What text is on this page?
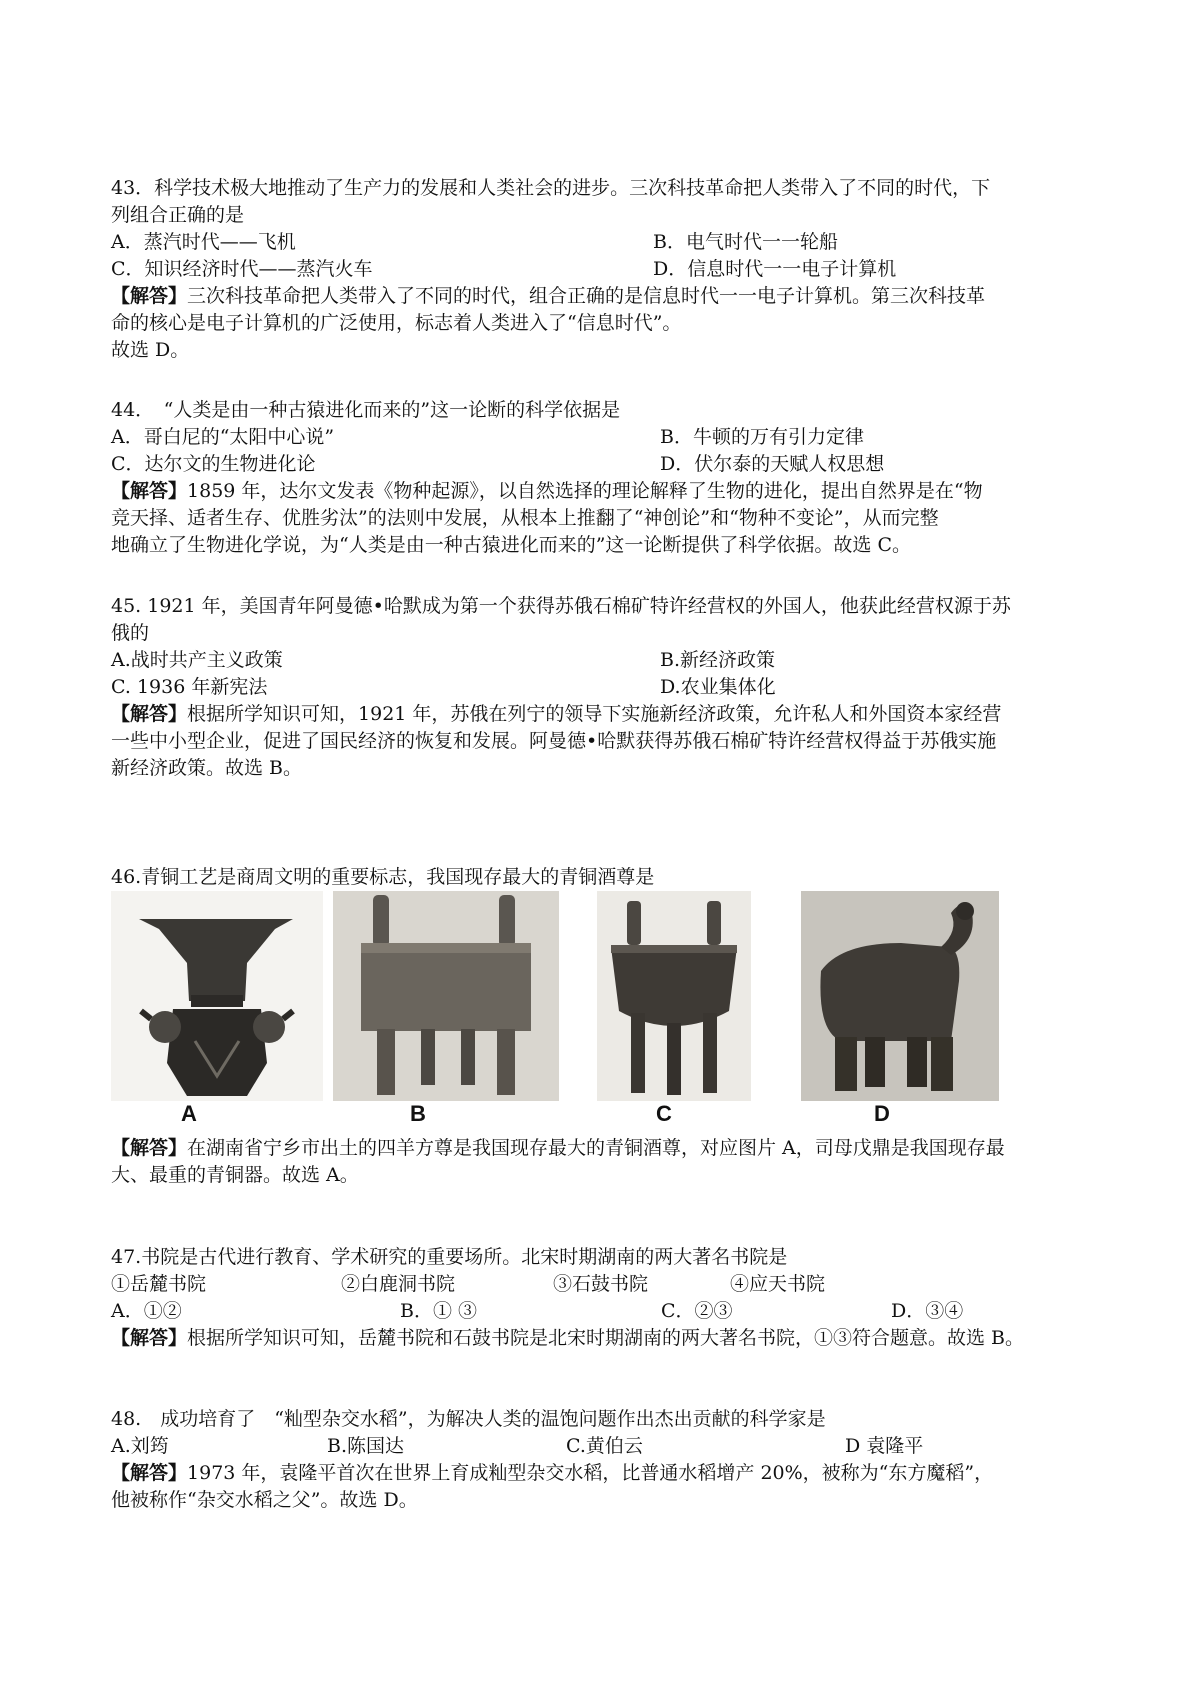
43．科学技术极大地推动了生产力的发展和人类社会的进步。三次科技革命把人类带入了不同的时代，下
列组合正确的是
A．蒸汽时代——飞机	B．电气时代一一轮船
C．知识经济时代——蒸汽火车	D．信息时代一一电子计算机
【解答】三次科技革命把人类带入了不同的时代，组合正确的是信息时代一一电子计算机。第三次科技革
命的核心是电子计算机的广泛使用，标志着人类进入了“信息时代”。
故选 D。
44．　“人类是由一种古猿进化而来的”这一论断的科学依据是
A．哥白尼的“太阳中心说”	B．牛顿的万有引力定律
C．达尔文的生物进化论	D．伏尔泰的天赋人权思想
【解答】1859 年，达尔文发表《物种起源》，以自然选择的理论解释了生物的进化，提出自然界是在“物
竞天择、适者生存、优胜劣汰”的法则中发展，从根本上推翻了“神创论”和“物种不变论”，从而完整
地确立了生物进化学说，为“人类是由一种古猿进化而来的”这一论断提供了科学依据。故选 C。
45. 1921 年，美国青年阿曼德•哈默成为第一个获得苏俄石棉矿特许经营权的外国人，他获此经营权源于苏
俄的
A.战时共产主义政策	B.新经济政策
C. 1936 年新宪法	D.农业集体化
【解答】根据所学知识可知，1921 年，苏俄在列宁的领导下实施新经济政策，允许私人和外国资本家经营
一些中小型企业，促进了国民经济的恢复和发展。阿曼德•哈默获得苏俄石棉矿特许经营权得益于苏俄实施
新经济政策。故选 B。
46.青铜工艺是商周文明的重要标志，我国现存最大的青铜酒尊是
A	B	C	D
【解答】在湖南省宁乡市出土的四羊方尊是我国现存最大的青铜酒尊，对应图片 A，司母戊鼎是我国现存最
大、最重的青铜器。故选 A。
47.书院是古代进行教育、学术研究的重要场所。北宋时期湖南的两大著名书院是
①岳麓书院	②白鹿洞书院	③石鼓书院	④应天书院
A．①②	B．① ③	C．②③	D．③④
【解答】根据所学知识可知，岳麓书院和石鼓书院是北宋时期湖南的两大著名书院，①③符合题意。故选 B。
48.　成功培育了　“籼型杂交水稻”，为解决人类的温饱问题作出杰出贡献的科学家是
A.刘筠	B.陈国达	C.黄伯云	D 袁隆平
【解答】1973 年，袁隆平首次在世界上育成籼型杂交水稻，比普通水稻增产 20%，被称为“东方魔稻”，
他被称作“杂交水稻之父”。故选 D。
